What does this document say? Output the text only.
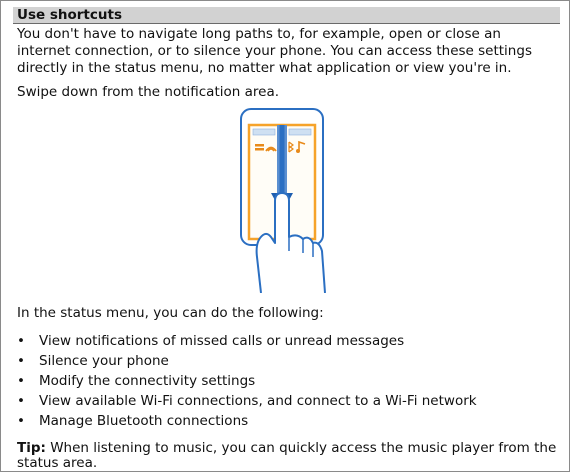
Use shortcuts
You don't have to navigate long paths to, for example, open or close an internet connection, or to silence your phone. You can access these settings directly in the status menu, no matter what application or view you're in.
Swipe down from the notification area.
In the status menu, you can do the following:
• View notifications of missed calls or unread messages
• Silence your phone
• Modify the connectivity settings
• View available Wi-Fi connections, and connect to a Wi-Fi network
• Manage Bluetooth connections
Tip: When listening to music, you can quickly access the music player from the status area.
